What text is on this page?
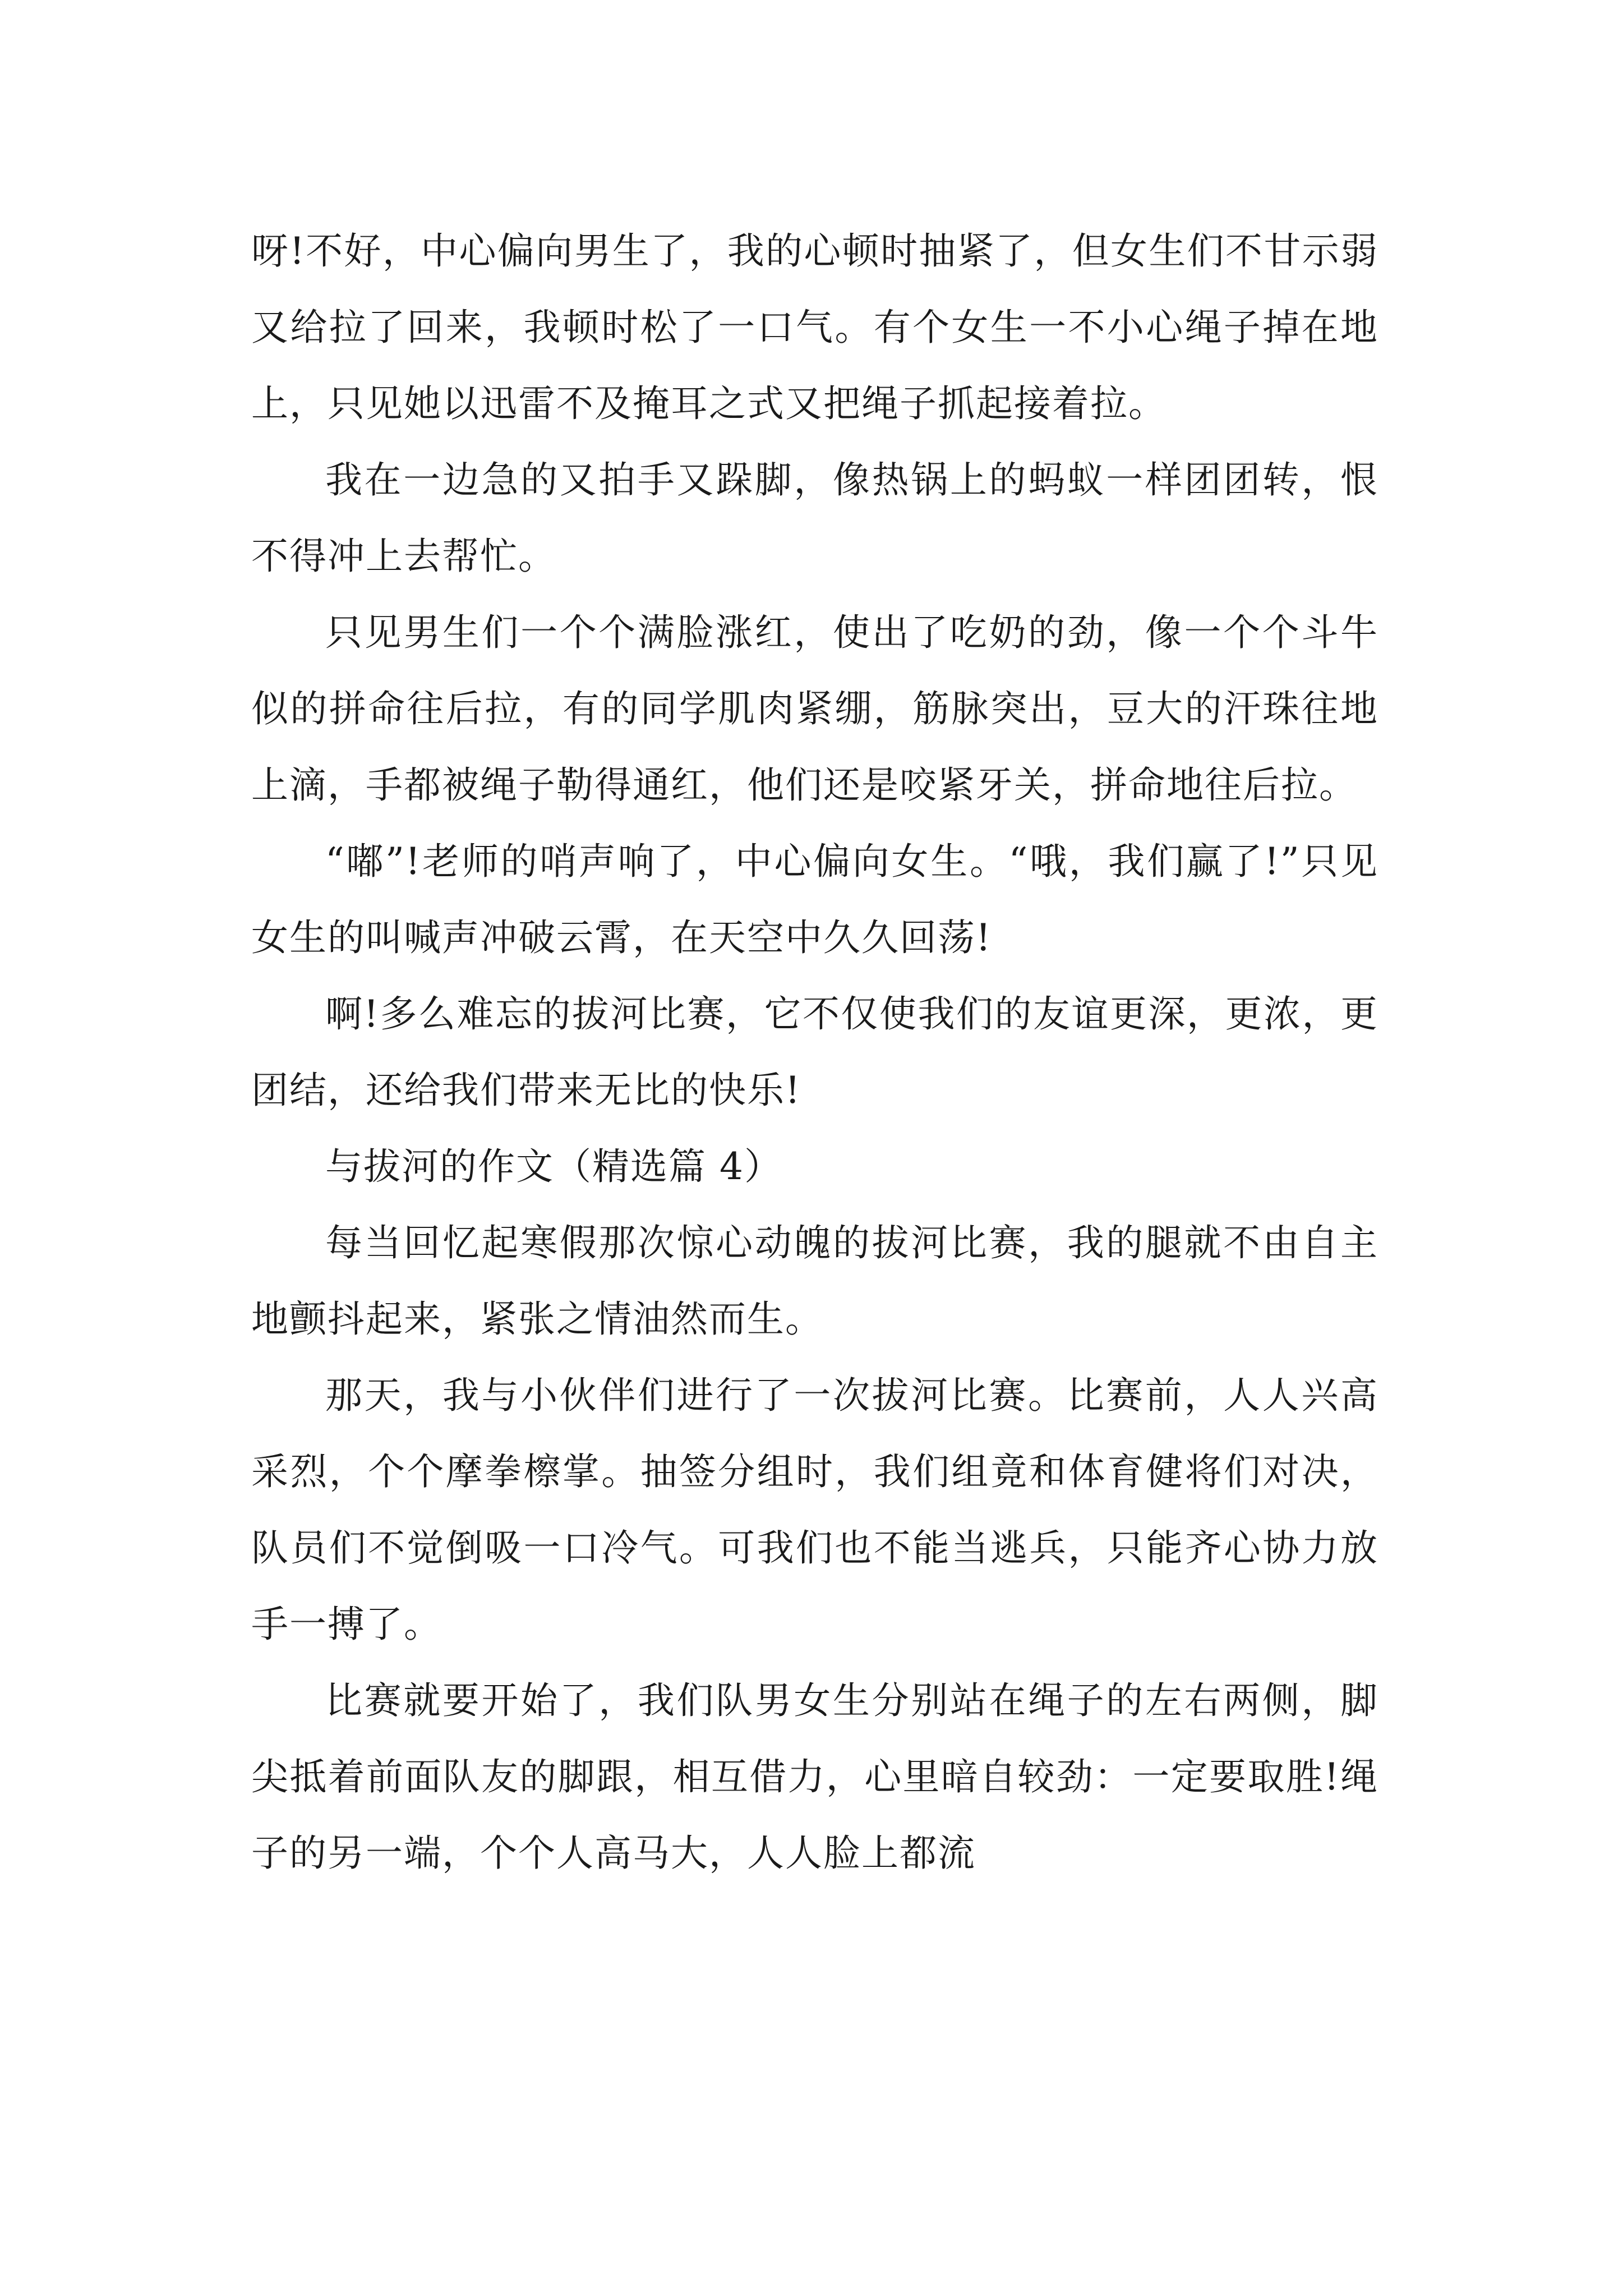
呀!不好，中心偏向男生了，我的心顿时抽紧了，但女生们不甘示弱又给拉了回来，我顿时松了一口气。有个女生一不小心绳子掉在地上，只见她以迅雷不及掩耳之式又把绳子抓起接着拉。

我在一边急的又拍手又跺脚，像热锅上的蚂蚁一样团团转，恨不得冲上去帮忙。

只见男生们一个个满脸涨红，使出了吃奶的劲，像一个个斗牛似的拼命往后拉，有的同学肌肉紧绷，筋脉突出，豆大的汗珠往地上滴，手都被绳子勒得通红，他们还是咬紧牙关，拼命地往后拉。

“嘟”!老师的哨声响了，中心偏向女生。“哦，我们赢了!”只见女生的叫喊声冲破云霄，在天空中久久回荡!

啊!多么难忘的拔河比赛，它不仅使我们的友谊更深，更浓，更团结，还给我们带来无比的快乐!

与拔河的作文（精选篇 4）

每当回忆起寒假那次惊心动魄的拔河比赛，我的腿就不由自主地颤抖起来，紧张之情油然而生。

那天，我与小伙伴们进行了一次拔河比赛。比赛前，人人兴高采烈，个个摩拳檫掌。抽签分组时，我们组竟和体育健将们对决，队员们不觉倒吸一口冷气。可我们也不能当逃兵，只能齐心协力放手一搏了。

比赛就要开始了，我们队男女生分别站在绳子的左右两侧，脚尖抵着前面队友的脚跟，相互借力，心里暗自较劲：一定要取胜!绳子的另一端，个个人高马大，人人脸上都流
